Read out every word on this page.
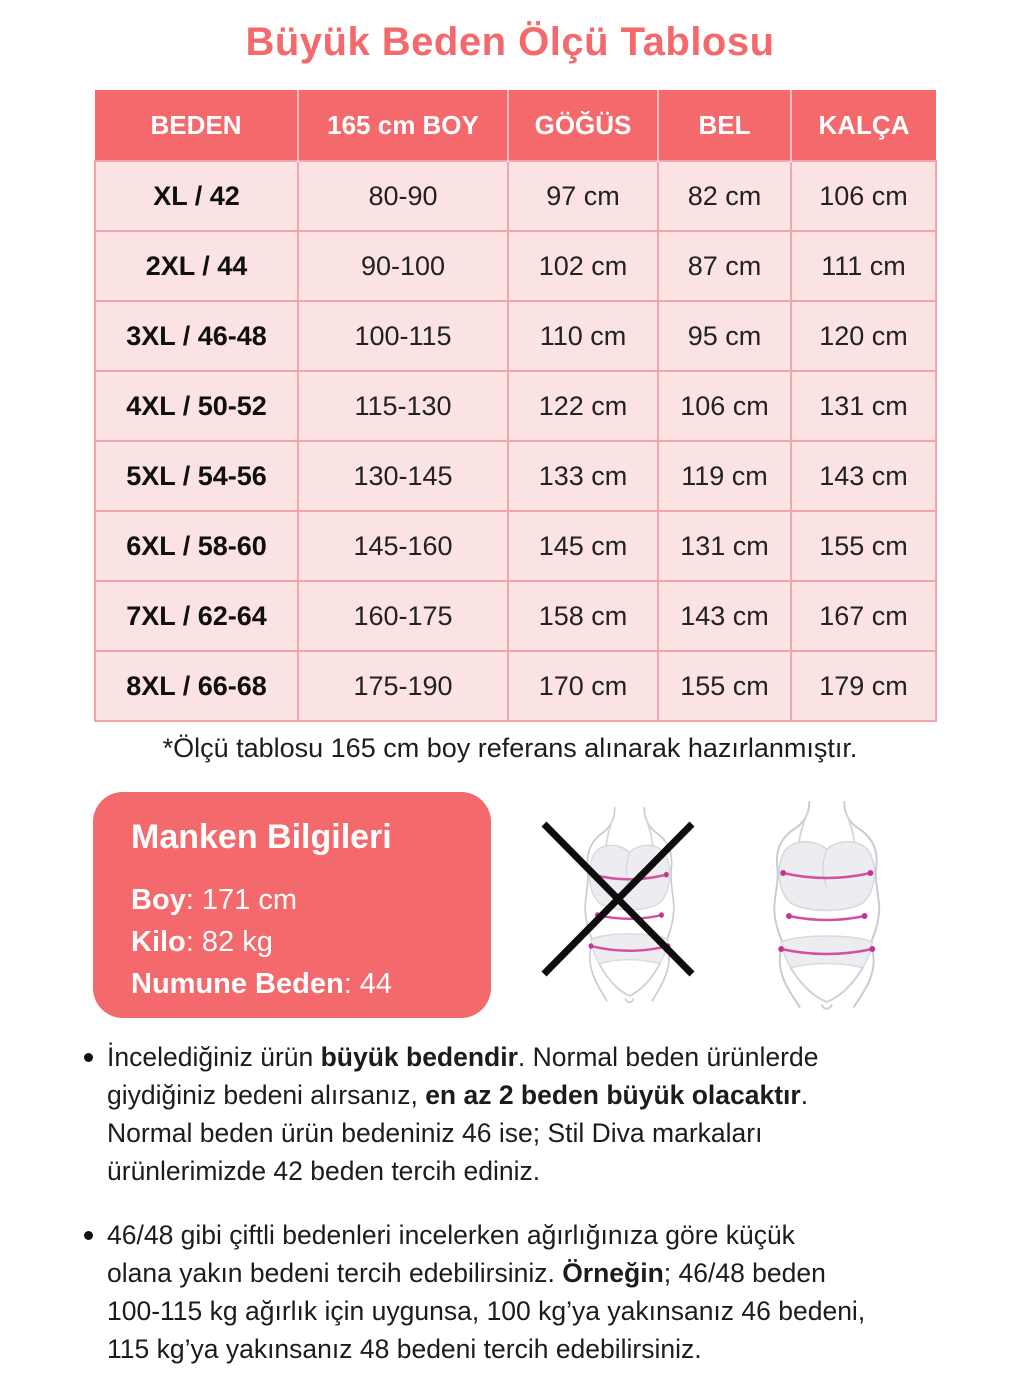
Büyük Beden Ölçü Tablosu
BEDEN	165 cm BOY	GÖĞÜS	BEL	KALÇA
XL / 42	80-90	97 cm	82 cm	106 cm
2XL / 44	90-100	102 cm	87 cm	111 cm
3XL / 46-48	100-115	110 cm	95 cm	120 cm
4XL / 50-52	115-130	122 cm	106 cm	131 cm
5XL / 54-56	130-145	133 cm	119 cm	143 cm
6XL / 58-60	145-160	145 cm	131 cm	155 cm
7XL / 62-64	160-175	158 cm	143 cm	167 cm
8XL / 66-68	175-190	170 cm	155 cm	179 cm
*Ölçü tablosu 165 cm boy referans alınarak hazırlanmıştır.
Manken Bilgileri
Boy: 171 cm
Kilo: 82 kg
Numune Beden: 44
İncelediğiniz ürün büyük bedendir. Normal beden ürünlerde
giydiğiniz bedeni alırsanız, en az 2 beden büyük olacaktır.
Normal beden ürün bedeniniz 46 ise; Stil Diva markaları
ürünlerimizde 42 beden tercih ediniz.
46/48 gibi çiftli bedenleri incelerken ağırlığınıza göre küçük
olana yakın bedeni tercih edebilirsiniz. Örneğin; 46/48 beden
100-115 kg ağırlık için uygunsa, 100 kg’ya yakınsanız 46 bedeni,
115 kg’ya yakınsanız 48 bedeni tercih edebilirsiniz.
